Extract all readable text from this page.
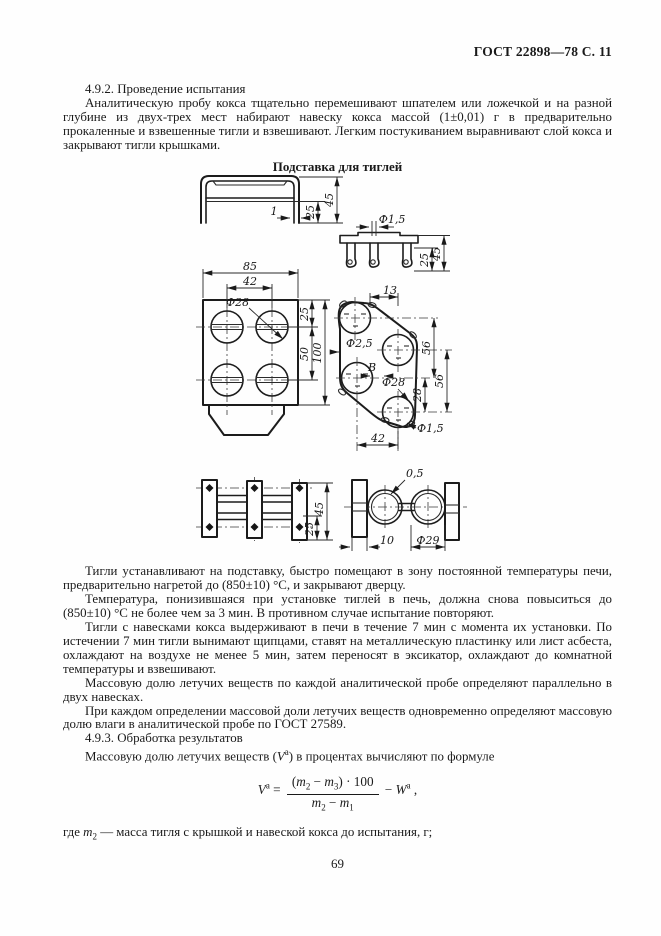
ГОСТ 22898—78 С. 11

4.9.2. Проведение испытания

Аналитическую пробу кокса тщательно перемешивают шпателем или ложечкой и на разной глубине из двух-трех мест набирают навеску кокса массой (1±0,01) г в предварительно прокаленные и взвешенные тигли и взвешивают. Легким постукиванием выравнивают слой кокса и закрывают тигли крышками.

Подставка для тиглей

1 25
45
Ф1,5
25 45
85
42
Ф28
25
50 100
13
Ф2,5
В
Ф28
56
56
28
Ф1,5
42
45
25
0,5
10 Ф29

Тигли устанавливают на подставку, быстро помещают в зону постоянной температуры печи, предварительно нагретой до (850±10) °С, и закрывают дверцу.

Температура, понизившаяся при установке тиглей в печь, должна снова повыситься до (850±10) °С не более чем за 3 мин. В противном случае испытание повторяют.

Тигли с навесками кокса выдерживают в печи в течение 7 мин с момента их установки. По истечении 7 мин тигли вынимают щипцами, ставят на металлическую пластинку или лист асбеста, охлаждают на воздухе не менее 5 мин, затем переносят в эксикатор, охлаждают до комнатной температуры и взвешивают.

Массовую долю летучих веществ по каждой аналитической пробе определяют параллельно в двух навесках.

При каждом определении массовой доли летучих веществ одновременно определяют массовую долю влаги в аналитической пробе по ГОСТ 27589.

4.9.3. Обработка результатов

Массовую долю летучих веществ $(V^а)$ в процентах вычисляют по формуле

$V^а = \frac{(m_2 - m_3) \cdot 100}{m_2 - m_1} - W^а$ ,

где $m_2$ — масса тигля с крышкой и навеской кокса до испытания, г;

69
